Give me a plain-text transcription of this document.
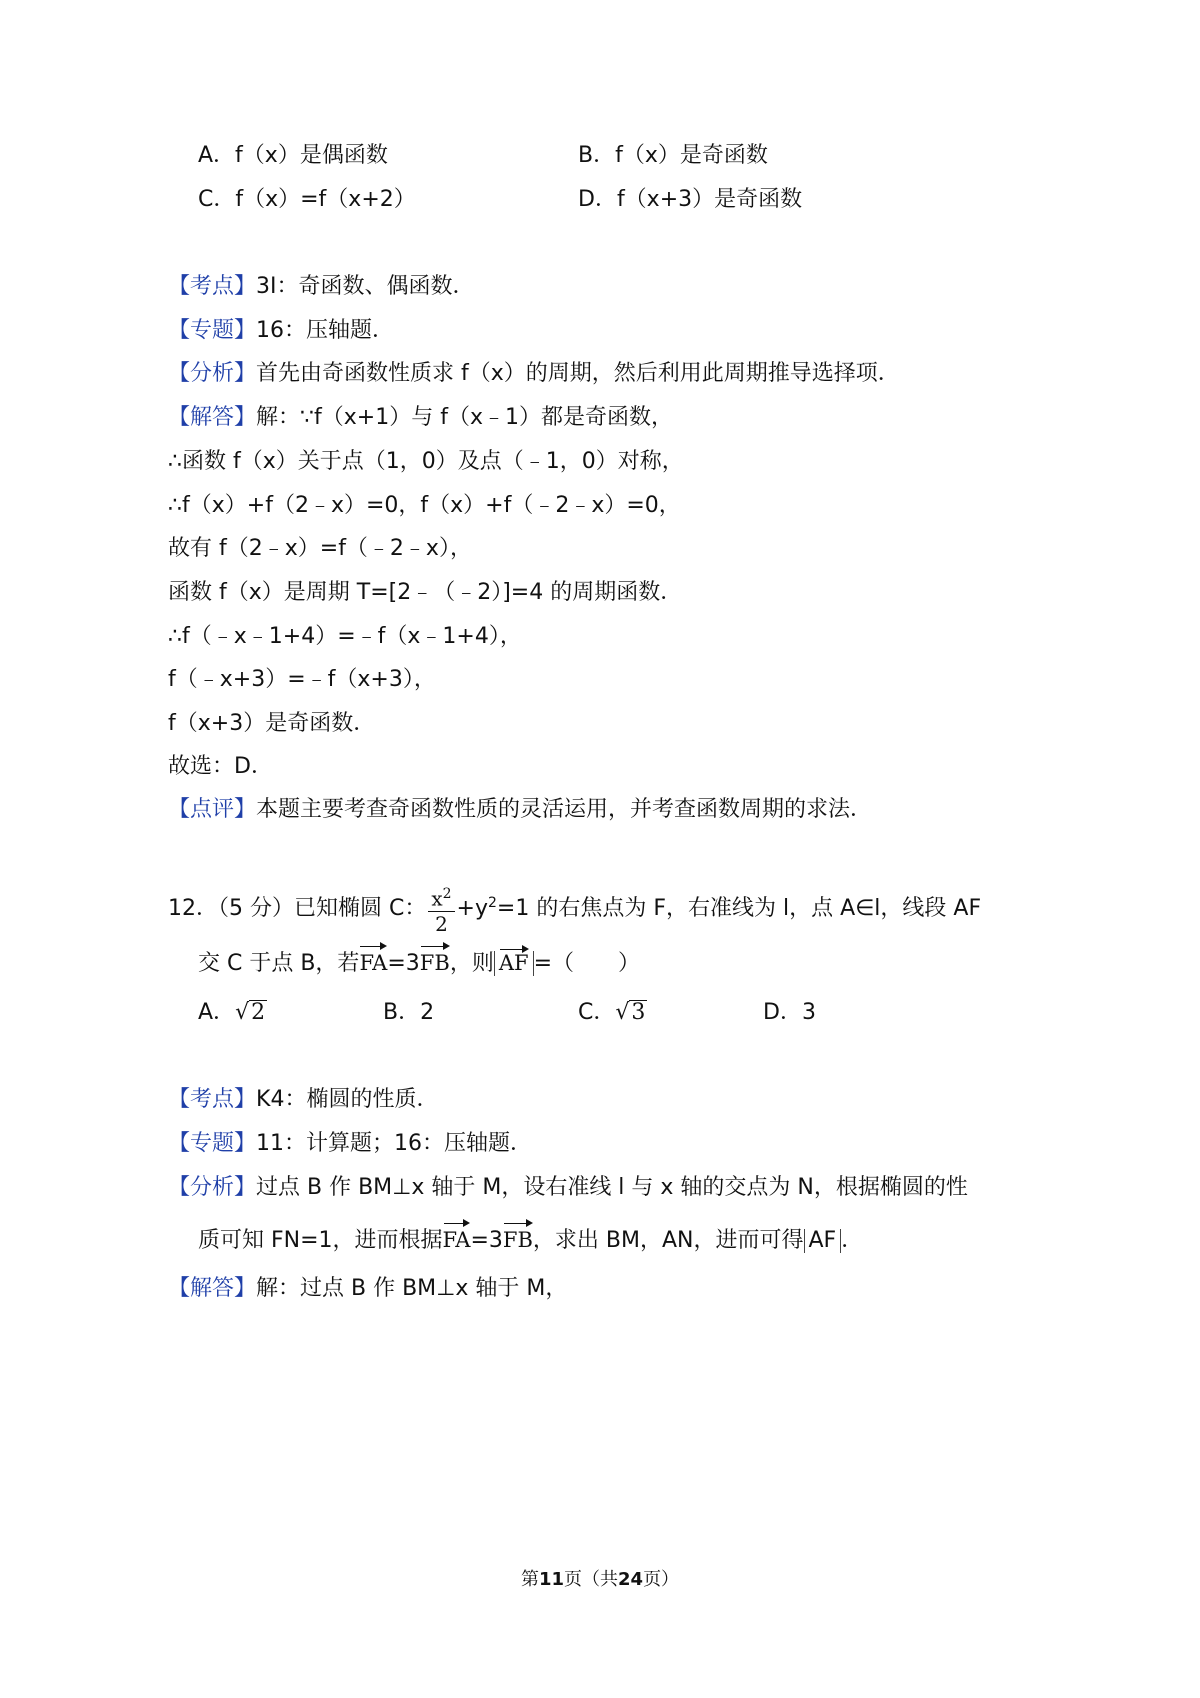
A．f（x）是偶函数	B．f（x）是奇函数
C．f（x）=f（x+2）	D．f（x+3）是奇函数
【考点】3I：奇函数、偶函数．
【专题】16：压轴题．
【分析】首先由奇函数性质求 f（x）的周期，然后利用此周期推导选择项．
【解答】解：∵f（x+1）与 f（x﹣1）都是奇函数，
∴函数 f（x）关于点（1，0）及点（﹣1，0）对称，
∴f（x）+f（2﹣x）=0，f（x）+f（﹣2﹣x）=0，
故有 f（2﹣x）=f（﹣2﹣x），
函数 f（x）是周期 T=[2﹣（﹣2）]=4 的周期函数．
∴f（﹣x﹣1+4）=﹣f（x﹣1+4），
f（﹣x+3）=﹣f（x+3），
f（x+3）是奇函数．
故选：D．
【点评】本题主要考查奇函数性质的灵活运用，并考查函数周期的求法．
12．（5 分）已知椭圆 C： $\frac{x^2}{2} +y^2=1$ 的右焦点为 F，右准线为 l，点 A∈l，线段 AF
交 C 于点 B，若FA=3FB，则 AF =（　　）
A．√2	B．2	C．√3	D．3
【考点】K4：椭圆的性质．
【专题】11：计算题；16：压轴题．
【分析】过点 B 作 BM⊥x 轴于 M，设右准线 l 与 x 轴的交点为 N，根据椭圆的性
质可知 FN=1，进而根据FA=3FB，求出 BM，AN，进而可得 AF ．
【解答】解：过点 B 作 BM⊥x 轴于 M，
第11页（共24页）
